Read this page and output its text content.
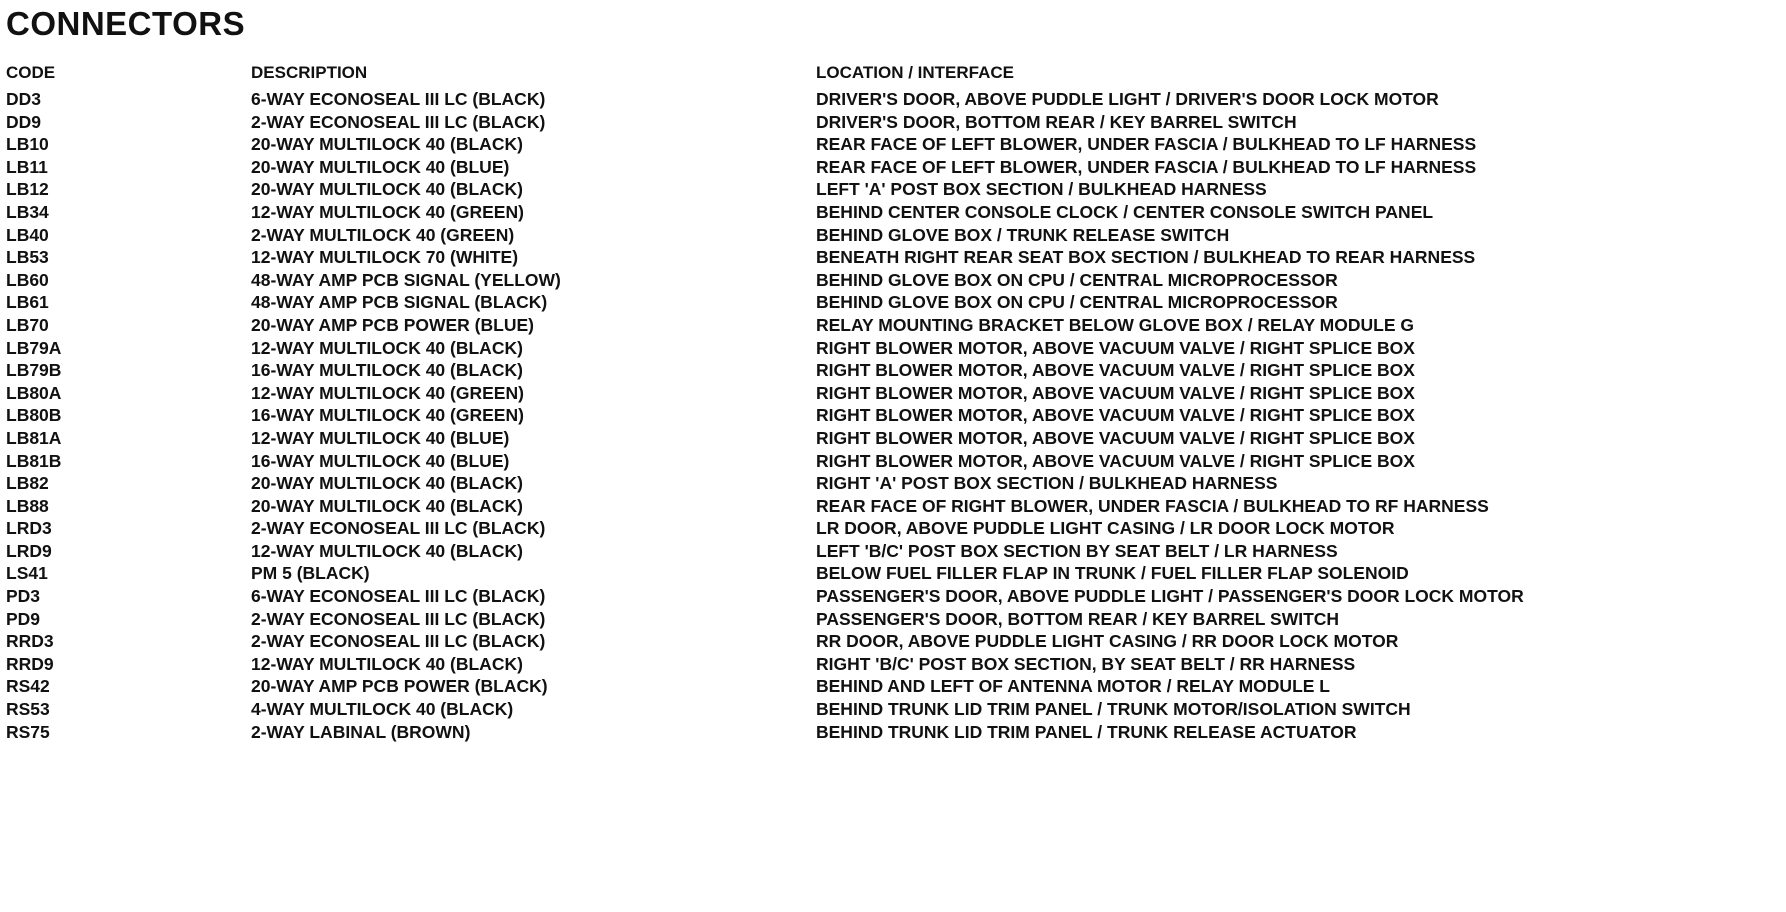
CONNECTORS
CODE	DESCRIPTION	LOCATION / INTERFACE
DD3	6-WAY ECONOSEAL III LC (BLACK)	DRIVER'S DOOR, ABOVE PUDDLE LIGHT / DRIVER'S DOOR LOCK MOTOR
DD9	2-WAY ECONOSEAL III LC (BLACK)	DRIVER'S DOOR, BOTTOM REAR / KEY BARREL SWITCH
LB10	20-WAY MULTILOCK 40 (BLACK)	REAR FACE OF LEFT BLOWER, UNDER FASCIA / BULKHEAD TO LF HARNESS
LB11	20-WAY MULTILOCK 40 (BLUE)	REAR FACE OF LEFT BLOWER, UNDER FASCIA / BULKHEAD TO LF HARNESS
LB12	20-WAY MULTILOCK 40 (BLACK)	LEFT 'A' POST BOX SECTION / BULKHEAD HARNESS
LB34	12-WAY MULTILOCK 40 (GREEN)	BEHIND CENTER CONSOLE CLOCK / CENTER CONSOLE SWITCH PANEL
LB40	2-WAY MULTILOCK 40 (GREEN)	BEHIND GLOVE BOX / TRUNK RELEASE SWITCH
LB53	12-WAY MULTILOCK 70 (WHITE)	BENEATH RIGHT REAR SEAT BOX SECTION / BULKHEAD TO REAR HARNESS
LB60	48-WAY AMP PCB SIGNAL (YELLOW)	BEHIND GLOVE BOX ON CPU / CENTRAL MICROPROCESSOR
LB61	48-WAY AMP PCB SIGNAL (BLACK)	BEHIND GLOVE BOX ON CPU / CENTRAL MICROPROCESSOR
LB70	20-WAY AMP PCB POWER (BLUE)	RELAY MOUNTING BRACKET BELOW GLOVE BOX / RELAY MODULE G
LB79A	12-WAY MULTILOCK 40 (BLACK)	RIGHT BLOWER MOTOR, ABOVE VACUUM VALVE / RIGHT SPLICE BOX
LB79B	16-WAY MULTILOCK 40 (BLACK)	RIGHT BLOWER MOTOR, ABOVE VACUUM VALVE / RIGHT SPLICE BOX
LB80A	12-WAY MULTILOCK 40 (GREEN)	RIGHT BLOWER MOTOR, ABOVE VACUUM VALVE / RIGHT SPLICE BOX
LB80B	16-WAY MULTILOCK 40 (GREEN)	RIGHT BLOWER MOTOR, ABOVE VACUUM VALVE / RIGHT SPLICE BOX
LB81A	12-WAY MULTILOCK 40 (BLUE)	RIGHT BLOWER MOTOR, ABOVE VACUUM VALVE / RIGHT SPLICE BOX
LB81B	16-WAY MULTILOCK 40 (BLUE)	RIGHT BLOWER MOTOR, ABOVE VACUUM VALVE / RIGHT SPLICE BOX
LB82	20-WAY MULTILOCK 40 (BLACK)	RIGHT 'A' POST BOX SECTION / BULKHEAD HARNESS
LB88	20-WAY MULTILOCK 40 (BLACK)	REAR FACE OF RIGHT BLOWER, UNDER FASCIA / BULKHEAD TO RF HARNESS
LRD3	2-WAY ECONOSEAL III LC (BLACK)	LR DOOR, ABOVE PUDDLE LIGHT CASING / LR DOOR LOCK MOTOR
LRD9	12-WAY MULTILOCK 40 (BLACK)	LEFT 'B/C' POST BOX SECTION BY SEAT BELT / LR HARNESS
LS41	PM 5 (BLACK)	BELOW FUEL FILLER FLAP IN TRUNK / FUEL FILLER FLAP SOLENOID
PD3	6-WAY ECONOSEAL III LC (BLACK)	PASSENGER'S DOOR, ABOVE PUDDLE LIGHT / PASSENGER'S DOOR LOCK MOTOR
PD9	2-WAY ECONOSEAL III LC (BLACK)	PASSENGER'S DOOR, BOTTOM REAR / KEY BARREL SWITCH
RRD3	2-WAY ECONOSEAL III LC (BLACK)	RR DOOR, ABOVE PUDDLE LIGHT CASING / RR DOOR LOCK MOTOR
RRD9	12-WAY MULTILOCK 40 (BLACK)	RIGHT 'B/C' POST BOX SECTION, BY SEAT BELT / RR HARNESS
RS42	20-WAY AMP PCB POWER (BLACK)	BEHIND AND LEFT OF ANTENNA MOTOR / RELAY MODULE L
RS53	4-WAY MULTILOCK 40 (BLACK)	BEHIND TRUNK LID TRIM PANEL / TRUNK MOTOR/ISOLATION SWITCH
RS75	2-WAY LABINAL (BROWN)	BEHIND TRUNK LID TRIM PANEL / TRUNK RELEASE ACTUATOR
